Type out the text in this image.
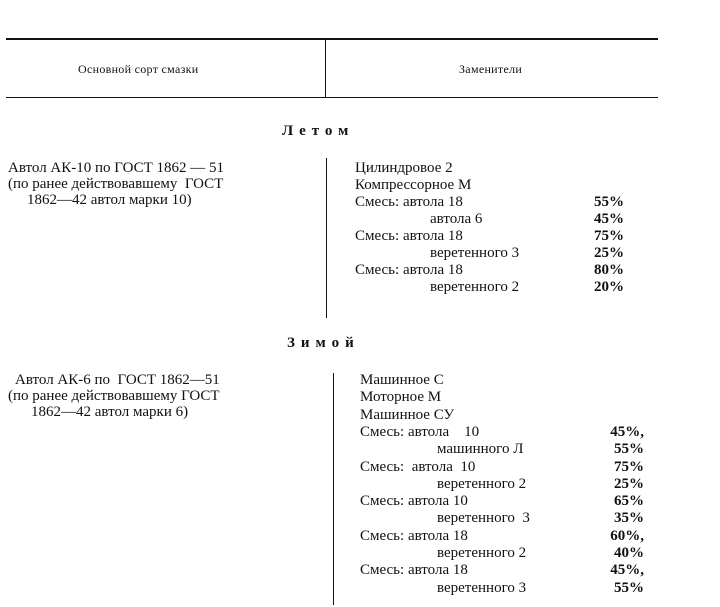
Основной сорт смазки	Заменители
Летом
Автол АК-10 по ГОСТ 1862 — 51
(по ранее действовавшему  ГОСТ
1862—42 автол марки 10)
Цилиндровое 2
Компрессорное М
Смесь: автола 18	55%
автола 6	45%
Смесь: автола 18	75%
веретенного 3	25%
Смесь: автола 18	80%
веретенного 2	20%
Зимой
Автол АК-6 по  ГОСТ 1862—51
(по ранее действовавшему ГОСТ
1862—42 автол марки 6)
Машинное С
Моторное М
Машинное СУ
Смесь: автола    10	45%,
машинного Л	55%
Смесь:  автола  10	75%
веретенного 2	25%
Смесь: автола 10	65%
веретенного  3	35%
Смесь: автола 18	60%,
веретенного 2	40%
Смесь: автола 18	45%,
веретенного 3	55%
